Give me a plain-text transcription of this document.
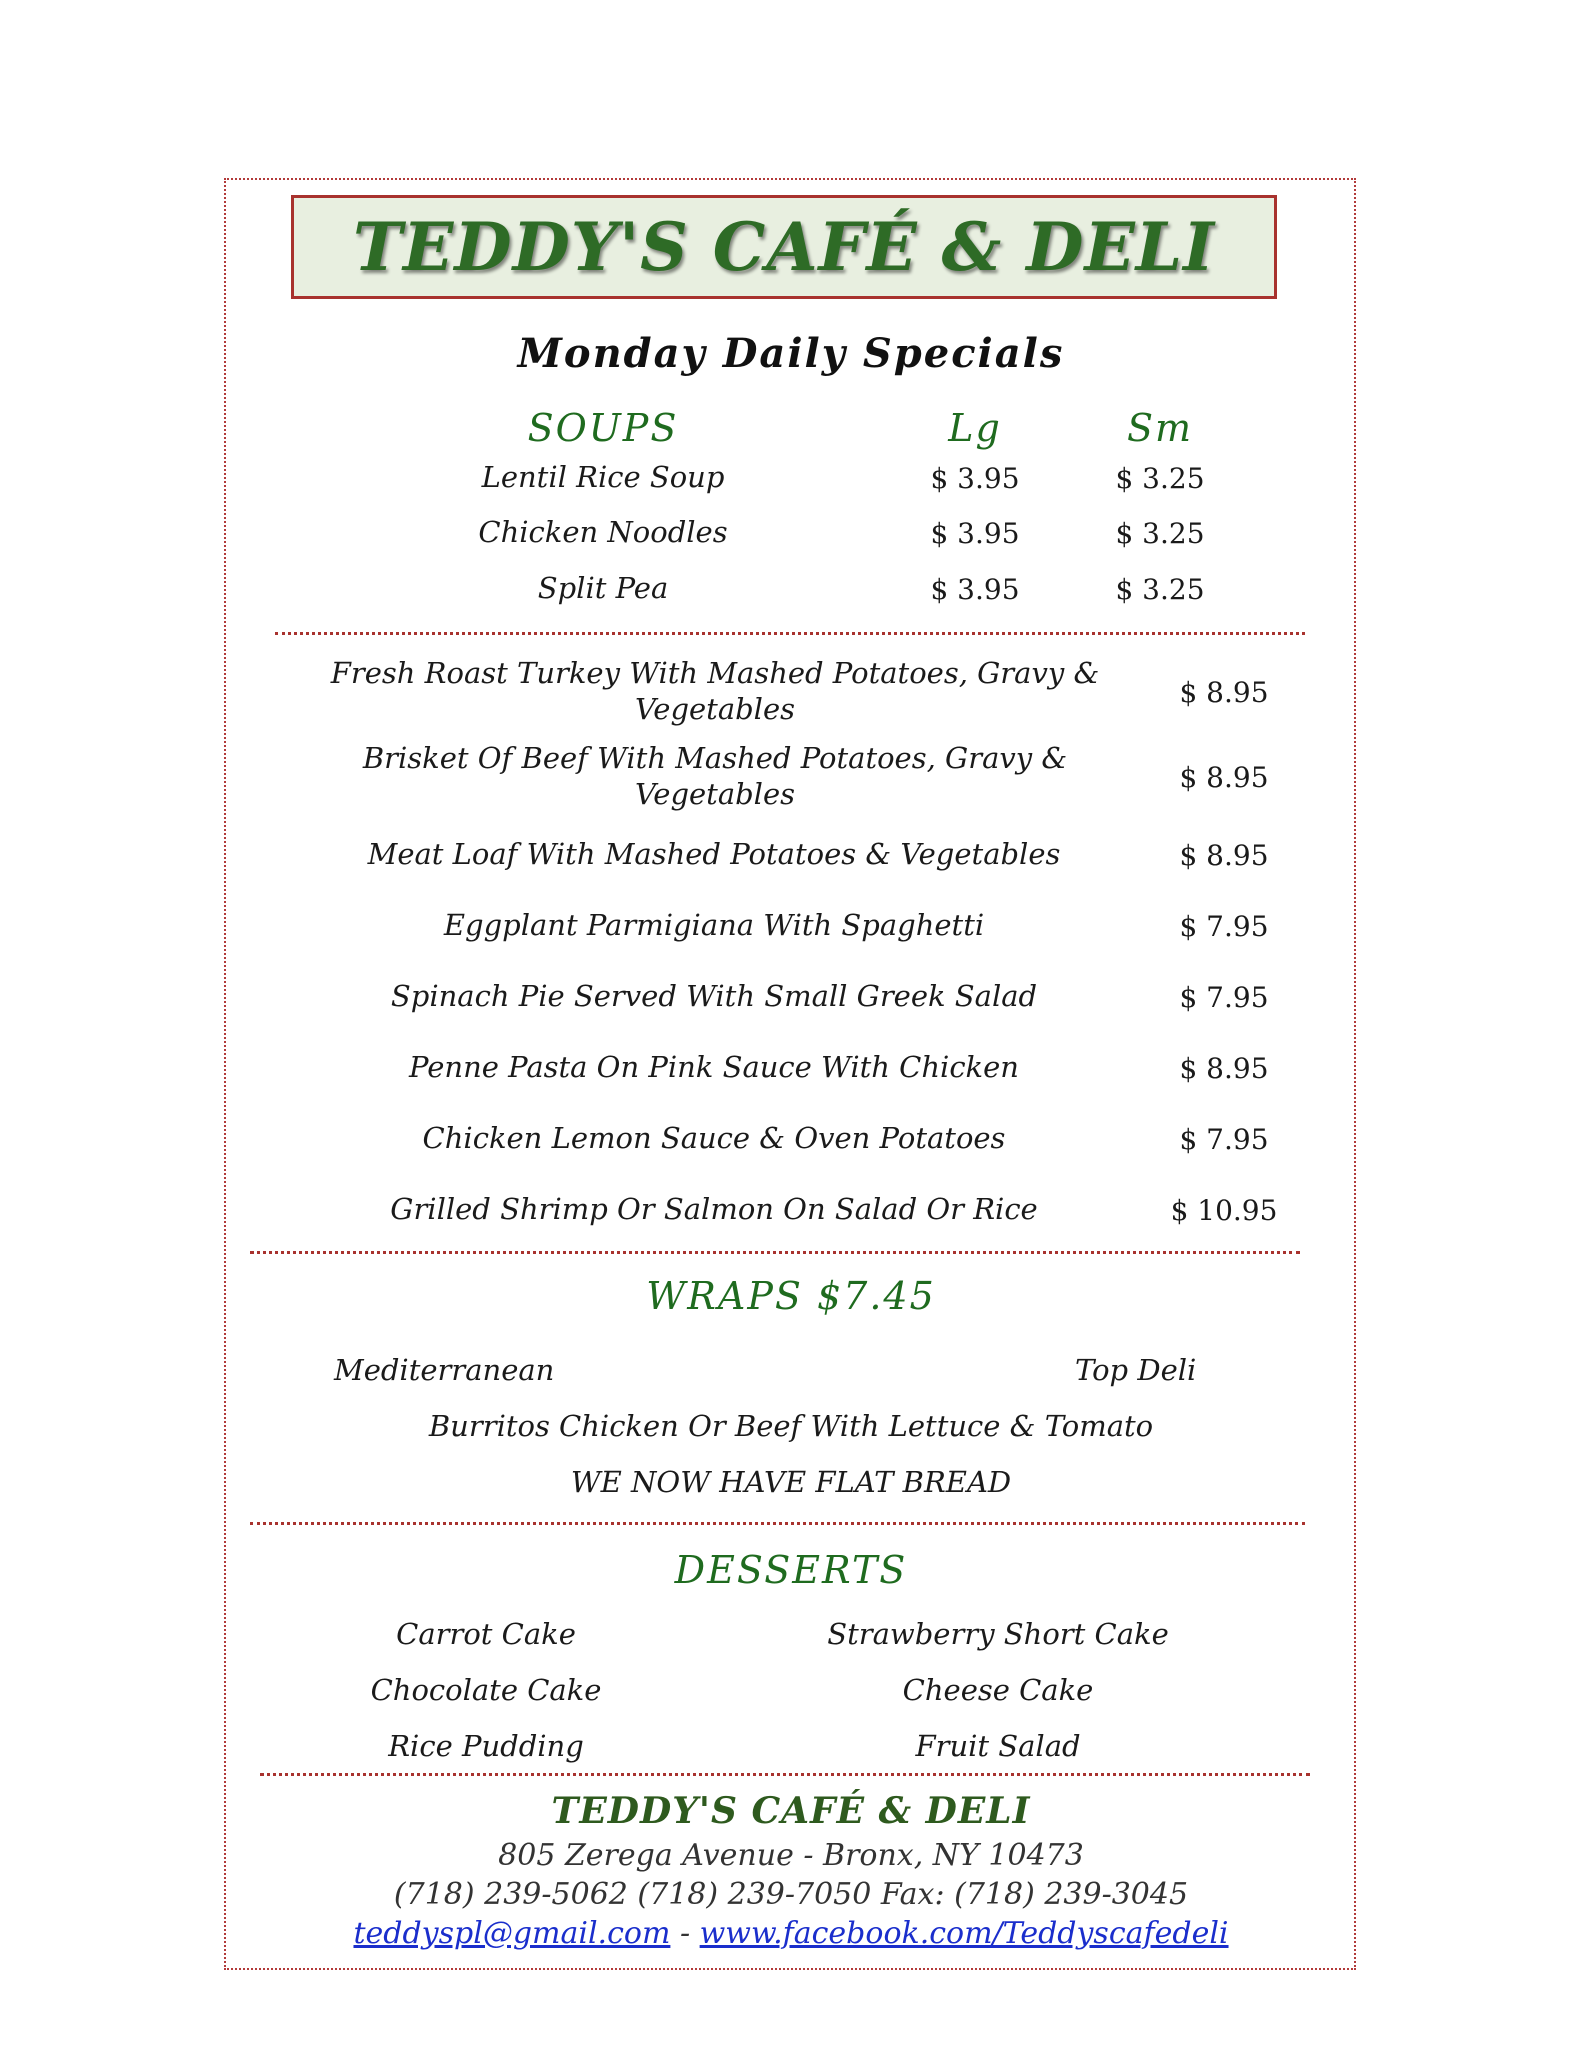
TEDDY'S CAFÉ & DELI
Monday Daily Specials
SOUPS	Lg	Sm
Lentil Rice Soup	$ 3.95	$ 3.25
Chicken Noodles	$ 3.95	$ 3.25
Split Pea	$ 3.95	$ 3.25
Fresh Roast Turkey With Mashed Potatoes, Gravy & Vegetables	$ 8.95
Brisket Of Beef With Mashed Potatoes, Gravy & Vegetables	$ 8.95
Meat Loaf With Mashed Potatoes & Vegetables	$ 8.95
Eggplant Parmigiana With Spaghetti	$ 7.95
Spinach Pie Served With Small Greek Salad	$ 7.95
Penne Pasta On Pink Sauce With Chicken	$ 8.95
Chicken Lemon Sauce & Oven Potatoes	$ 7.95
Grilled Shrimp Or Salmon On Salad Or Rice	$ 10.95
WRAPS $7.45
Mediterranean	Top Deli
Burritos Chicken Or Beef With Lettuce & Tomato
WE NOW HAVE FLAT BREAD
DESSERTS
Carrot Cake	Strawberry Short Cake
Chocolate Cake	Cheese Cake
Rice Pudding	Fruit Salad
TEDDY'S CAFÉ & DELI
805 Zerega Avenue - Bronx, NY 10473
(718) 239-5062 (718) 239-7050 Fax: (718) 239-3045
teddyspl@gmail.com - www.facebook.com/Teddyscafedeli
